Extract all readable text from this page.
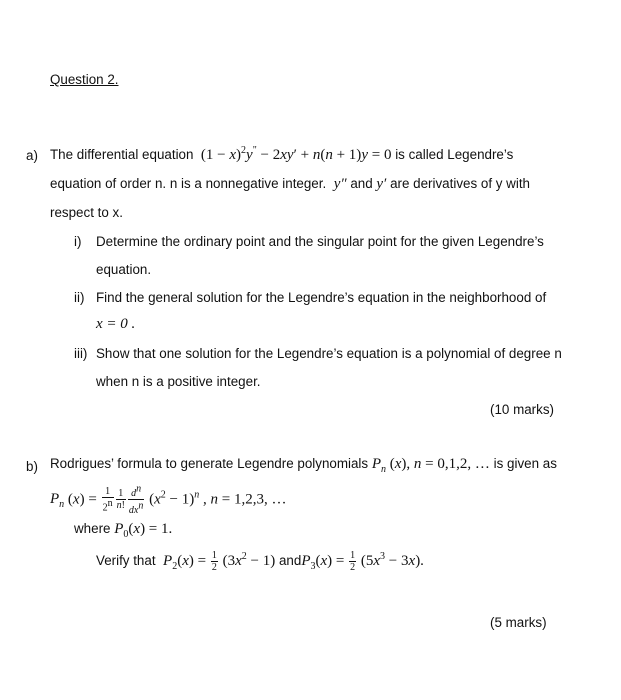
Question 2.
a) The differential equation  $(1 - x)^2y^" - 2xy' + n(n + 1)y = 0$ is called Legendre’s
equation of order n. n is a nonnegative integer.  y″ and y′ are derivatives of y with
respect to x.
i) Determine the ordinary point and the singular point for the given Legendre’s
equation.
ii) Find the general solution for the Legendre’s equation in the neighborhood of
x = 0 .
iii) Show that one solution for the Legendre’s equation is a polynomial of degree n
when n is a positive integer.
(10 marks)
b) Rodrigues’ formula to generate Legendre polynomials $P_n$ (x), n = 0,1,2, … is given as
$P_n$ $(x) = \frac{1}{2^n} \frac{1}{n!} \frac{d^n}{dx^n} (x^2 - 1)^n$ , n = 1,2,3, …
where $P_0(x) = 1$.
Verify that $P_2(x) = \frac{1}{2} (3x^2 - 1)$ andP$_3$(x) = $\frac{1}{2} (5x^3 - 3x)$.
(5 marks)
